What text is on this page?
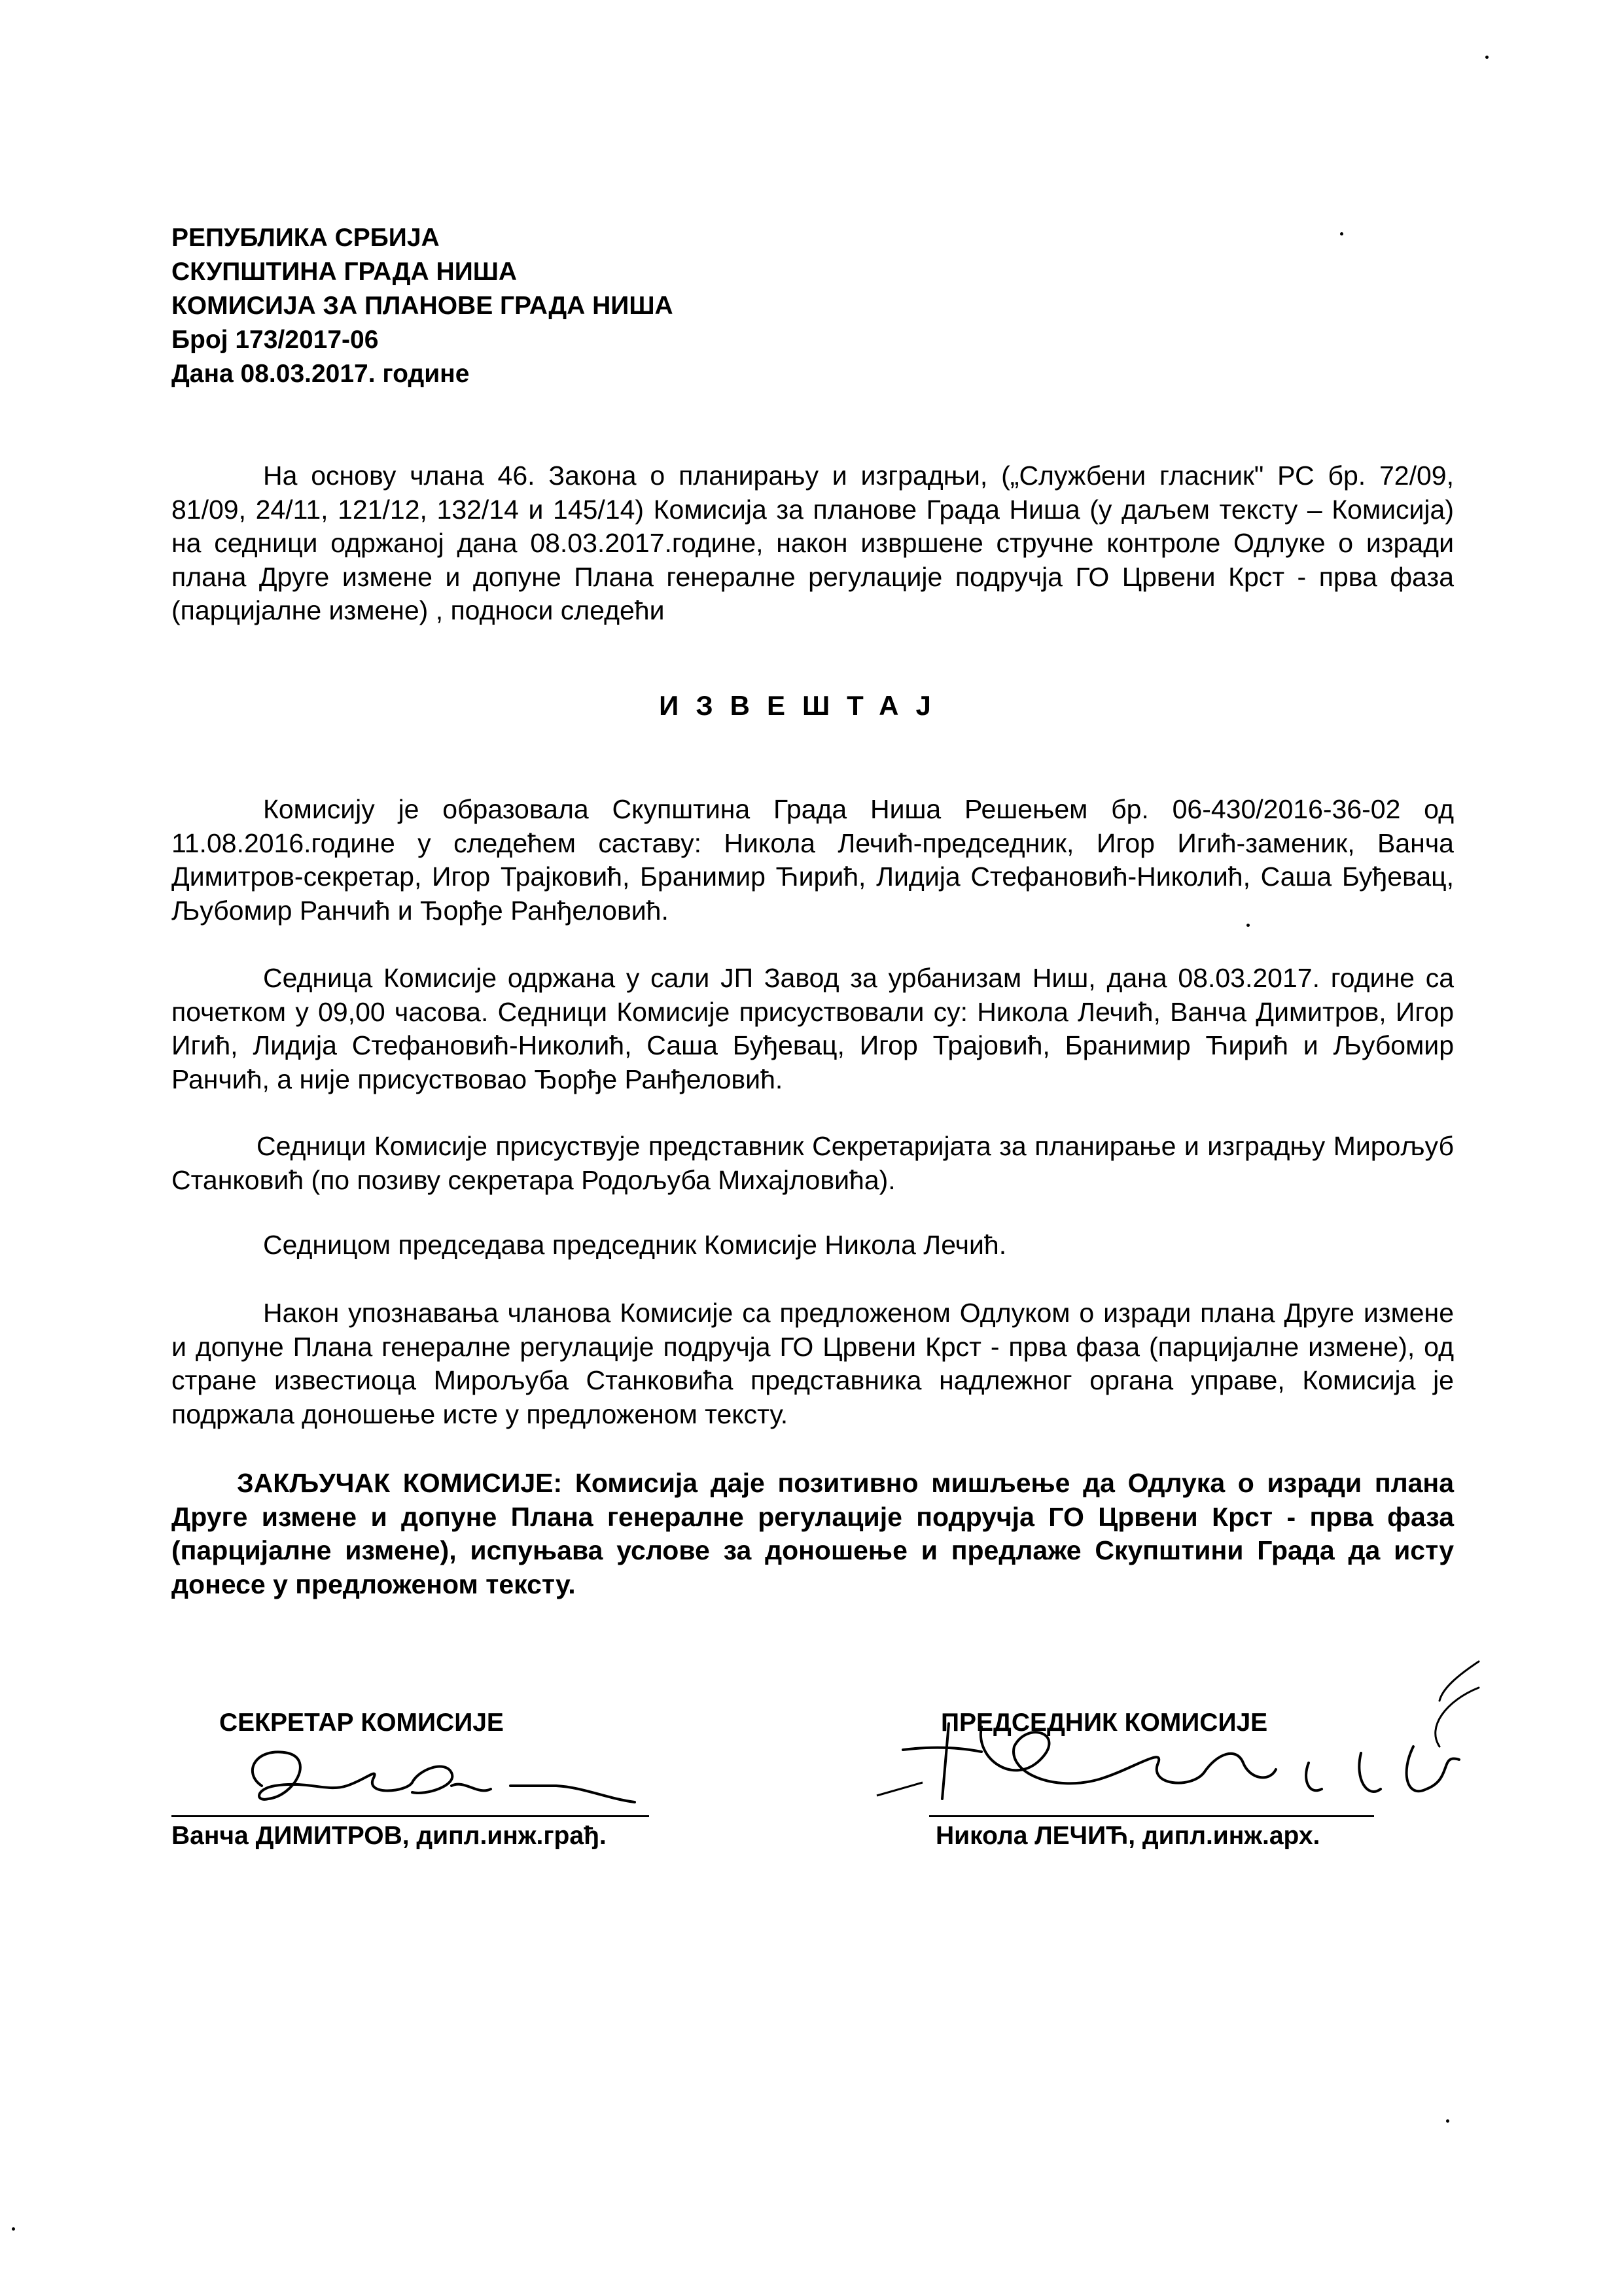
РЕПУБЛИКА СРБИЈА
СКУПШТИНА ГРАДА НИША
КОМИСИЈА ЗА ПЛАНОВЕ ГРАДА НИША
Број 173/2017-06
Дана 08.03.2017. године

На основу члана 46. Закона о планирању и изградњи, („Службени гласник" РС бр. 72/09, 81/09, 24/11, 121/12, 132/14 и 145/14) Комисија за планове Града Ниша (у даљем тексту – Комисија) на седници одржаној дана 08.03.2017.године, након извршене стручне контроле Одлуке о изради плана Друге измене и допуне Плана генералне регулације подручја ГО Црвени Крст - прва фаза (парцијалне измене) , подноси следећи

ИЗВЕШТАЈ

Комисију је образовала Скупштина Града Ниша Решењем бр. 06-430/2016-36-02 од 11.08.2016.године у следећем саставу: Никола Лечић-председник, Игор Игић-заменик, Ванча Димитров-секретар, Игор Трајковић, Бранимир Ћирић, Лидија Стефановић-Николић, Саша Буђевац, Љубомир Ранчић и Ђорђе Ранђеловић.

Седница Комисије одржана у сали ЈП Завод за урбанизам Ниш, дана 08.03.2017. године са почетком у 09,00 часова. Седници Комисије присуствовали су: Никола Лечић, Ванча Димитров, Игор Игић, Лидија Стефановић-Николић, Саша Буђевац, Игор Трајовић, Бранимир Ћирић и Љубомир Ранчић, а није присуствовао Ђорђе Ранђеловић.

Седници Комисије присуствује представник Секретаријата за планирање и изградњу Мирољуб Станковић (по позиву секретара Родољуба Михајловића).

Седницом председава председник Комисије Никола Лечић.

Након упознавања чланова Комисије са предложеном Одлуком о изради плана Друге измене и допуне Плана генералне регулације подручја ГО Црвени Крст - прва фаза (парцијалне измене), од стране известиоца Мирољуба Станковића представника надлежног органа управе, Комисија је подржала доношење исте у предложеном тексту.

ЗАКЉУЧАК КОМИСИЈЕ: Комисија даје позитивно мишљење да Одлука о изради плана Друге измене и допуне Плана генералне регулације подручја ГО Црвени Крст - прва фаза (парцијалне измене), испуњава услове за доношење и предлаже Скупштини Града да исту донесе у предложеном тексту.

СЕКРЕТАР КОМИСИЈЕ
Ванча ДИМИТРОВ, дипл.инж.грађ.
ПРЕДСЕДНИК КОМИСИЈЕ
Никола ЛЕЧИЋ, дипл.инж.арх.
